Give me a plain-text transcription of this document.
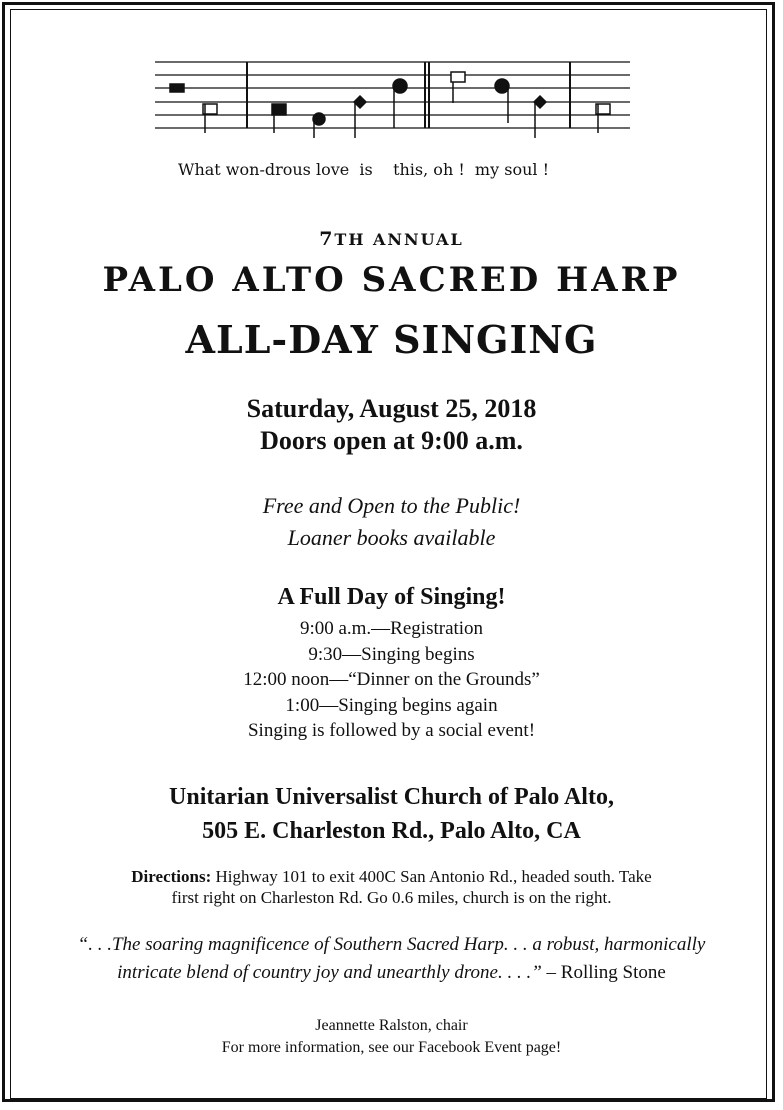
What won-drous love  is    this, oh !  my soul !
7TH ANNUAL
PALO ALTO SACRED HARP
ALL-DAY SINGING
Saturday, August 25, 2018
Doors open at 9:00 a.m.
Free and Open to the Public!
Loaner books available
A Full Day of Singing!
9:00 a.m.—Registration
9:30—Singing begins
12:00 noon—“Dinner on the Grounds”
1:00—Singing begins again
Singing is followed by a social event!
Unitarian Universalist Church of Palo Alto,
505 E. Charleston Rd., Palo Alto, CA
Directions: Highway 101 to exit 400C San Antonio Rd., headed south. Take
first right on Charleston Rd. Go 0.6 miles, church is on the right.
“. . .The soaring magnificence of Southern Sacred Harp. . . a robust, harmonically
intricate blend of country joy and unearthly drone. . . .” – Rolling Stone
Jeannette Ralston, chair
For more information, see our Facebook Event page!
